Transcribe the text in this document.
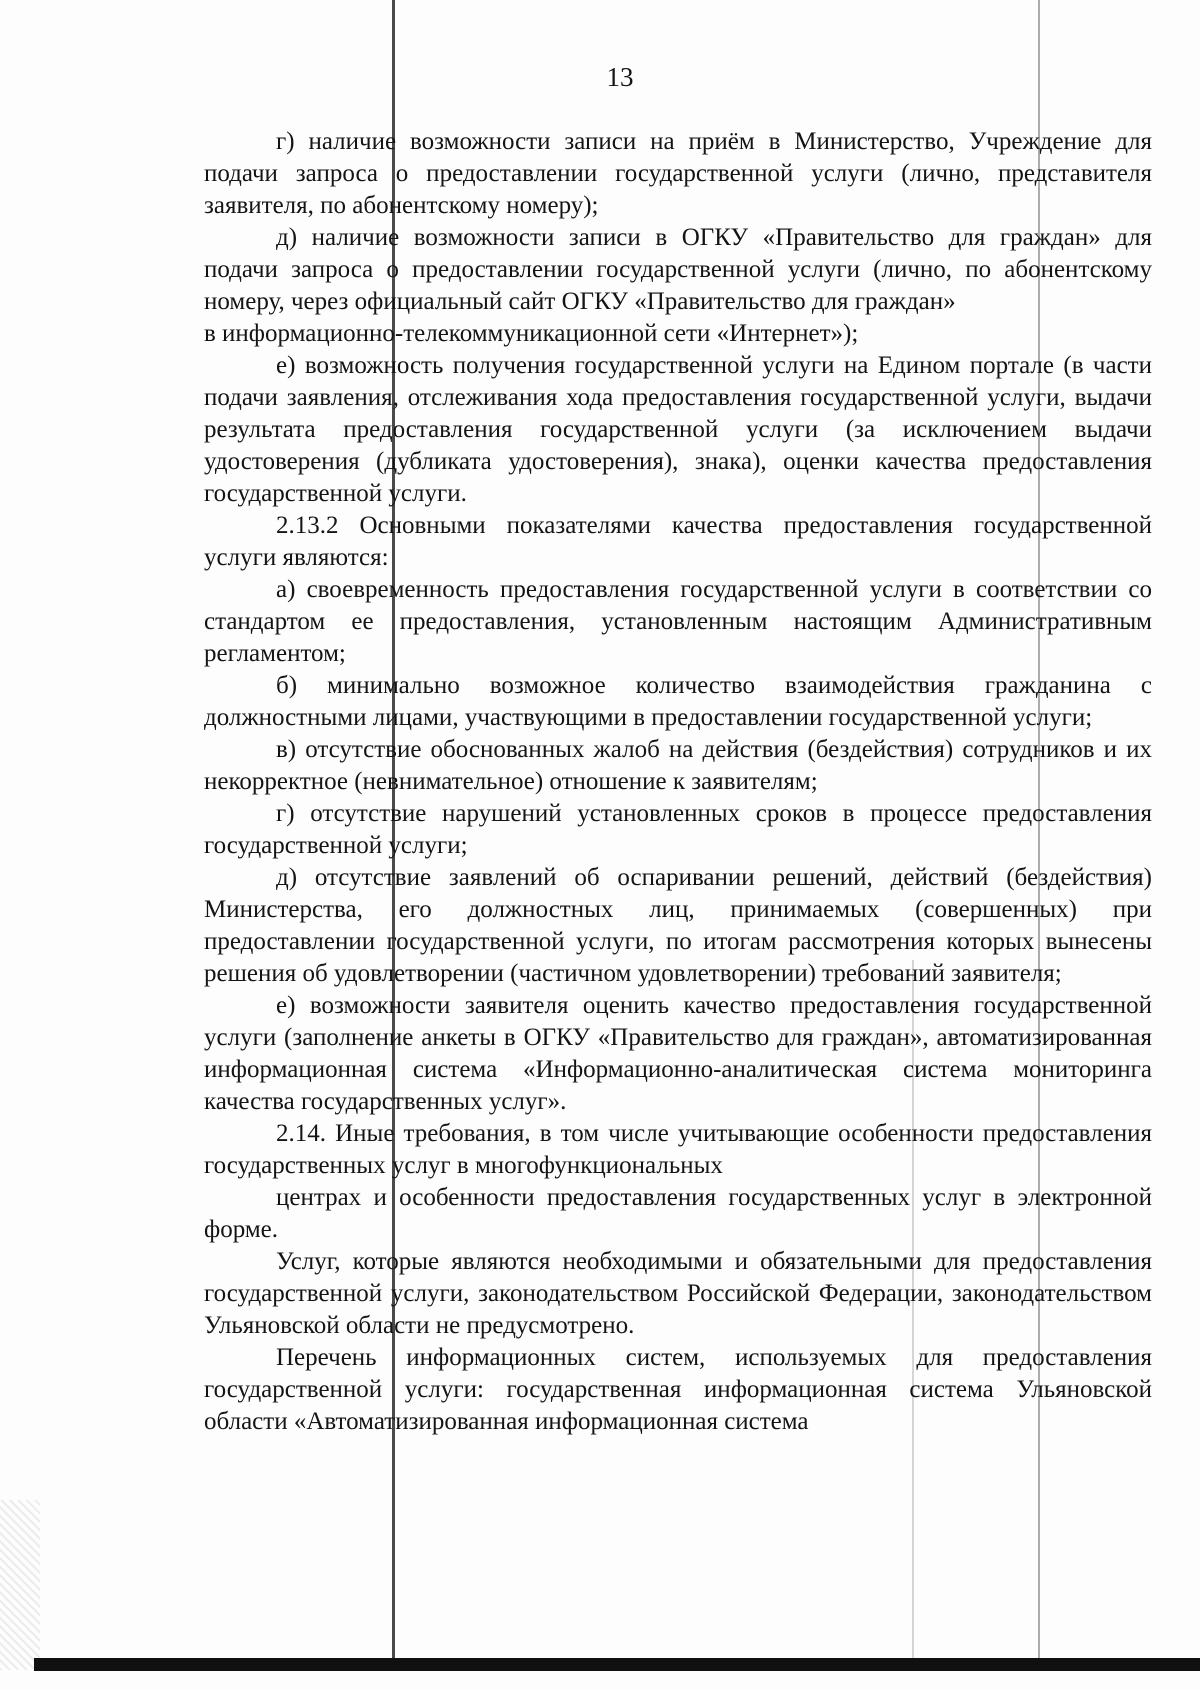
13

г) наличие возможности записи на приём в Министерство, Учреждение для подачи запроса о предоставлении государственной услуги (лично, представителя заявителя, по абонентскому номеру);

д) наличие возможности записи в ОГКУ «Правительство для граждан» для подачи запроса о предоставлении государственной услуги (лично, по абонентскому номеру, через официальный сайт ОГКУ «Правительство для граждан»

в информационно-телекоммуникационной сети «Интернет»);

е) возможность получения государственной услуги на Едином портале (в части подачи заявления, отслеживания хода предоставления государственной услуги, выдачи результата предоставления государственной услуги (за исключением выдачи удостоверения (дубликата удостоверения), знака), оценки качества предоставления государственной услуги.

2.13.2 Основными показателями качества предоставления государственной услуги являются:

а) своевременность предоставления государственной услуги в соответствии со стандартом ее предоставления, установленным настоящим Административным регламентом;

б) минимально возможное количество взаимодействия гражданина с должностными лицами, участвующими в предоставлении государственной услуги;

в) отсутствие обоснованных жалоб на действия (бездействия) сотрудников и их некорректное (невнимательное) отношение к заявителям;

г) отсутствие нарушений установленных сроков в процессе предоставления государственной услуги;

д) отсутствие заявлений об оспаривании решений, действий (бездействия) Министерства, его должностных лиц, принимаемых (совершенных) при предоставлении государственной услуги, по итогам рассмотрения которых вынесены решения об удовлетворении (частичном удовлетворении) требований заявителя;

е) возможности заявителя оценить качество предоставления государственной услуги (заполнение анкеты в ОГКУ «Правительство для граждан», автоматизированная информационная система «Информационно-аналитическая система мониторинга качества государственных услуг».

2.14. Иные требования, в том числе учитывающие особенности предоставления государственных услуг в многофункциональных

центрах и особенности предоставления государственных услуг в электронной форме.

Услуг, которые являются необходимыми и обязательными для предоставления государственной услуги, законодательством Российской Федерации, законодательством Ульяновской области не предусмотрено.

Перечень информационных систем, используемых для предоставления государственной услуги: государственная информационная система Ульяновской области «Автоматизированная информационная система
